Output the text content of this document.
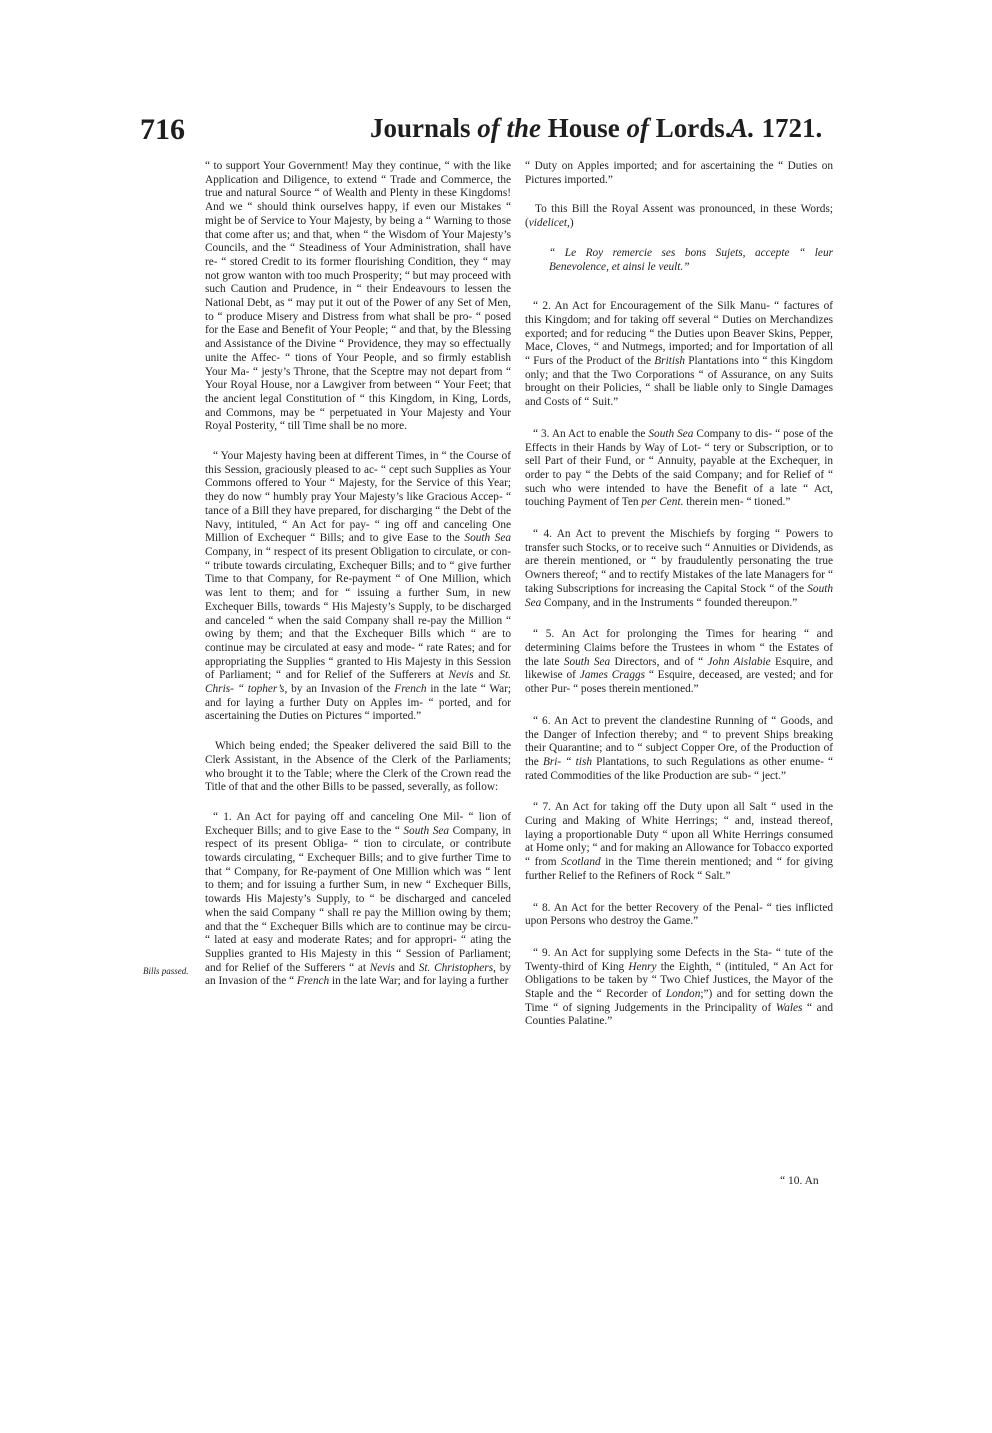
716	Journals of the House of Lords.
A. 1721.

“ to support Your Government! May they continue, “ with the like Application and Diligence, to extend “ Trade and Commerce, the true and natural Source “ of Wealth and Plenty in these Kingdoms! And we “ should think ourselves happy, if even our Mistakes “ might be of Service to Your Majesty, by being a “ Warning to those that come after us; and that, when “ the Wisdom of Your Majesty’s Councils, and the “ Steadiness of Your Administration, shall have re- “ stored Credit to its former flourishing Condition, they “ may not grow wanton with too much Prosperity; “ but may proceed with such Caution and Prudence, in “ their Endeavours to lessen the National Debt, as “ may put it out of the Power of any Set of Men, to “ produce Misery and Distress from what shall be pro- “ posed for the Ease and Benefit of Your People; “ and that, by the Blessing and Assistance of the Divine “ Providence, they may so effectually unite the Affec- “ tions of Your People, and so firmly establish Your Ma- “ jesty’s Throne, that the Sceptre may not depart from “ Your Royal House, nor a Lawgiver from between “ Your Feet; that the ancient legal Constitution of “ this Kingdom, in King, Lords, and Commons, may be “ perpetuated in Your Majesty and Your Royal Posterity, “ till Time shall be no more.

“ Your Majesty having been at different Times, in “ the Course of this Session, graciously pleased to ac- “ cept such Supplies as Your Commons offered to Your “ Majesty, for the Service of this Year; they do now “ humbly pray Your Majesty’s like Gracious Accep- “ tance of a Bill they have prepared, for discharging “ the Debt of the Navy, intituled, “ An Act for pay- “ ing off and canceling One Million of Exchequer “ Bills; and to give Ease to the South Sea Company, in “ respect of its present Obligation to circulate, or con- “ tribute towards circulating, Exchequer Bills; and to “ give further Time to that Company, for Re-payment “ of One Million, which was lent to them; and for “ issuing a further Sum, in new Exchequer Bills, towards “ His Majesty’s Supply, to be discharged and canceled “ when the said Company shall re-pay the Million “ owing by them; and that the Exchequer Bills which “ are to continue may be circulated at easy and mode- “ rate Rates; and for appropriating the Supplies “ granted to His Majesty in this Session of Parliament; “ and for Relief of the Sufferers at Nevis and St. Chris- “ topher’s, by an Invasion of the French in the late “ War; and for laying a further Duty on Apples im- “ ported, and for ascertaining the Duties on Pictures “ imported.”

Which being ended; the Speaker delivered the said Bill to the Clerk Assistant, in the Absence of the Clerk of the Parliaments; who brought it to the Table; where the Clerk of the Crown read the Title of that and the other Bills to be passed, severally, as follow:

“ 1. An Act for paying off and canceling One Mil- “ lion of Exchequer Bills; and to give Ease to the “ South Sea Company, in respect of its present Obliga- “ tion to circulate, or contribute towards circulating, “ Exchequer Bills; and to give further Time to that “ Company, for Re-payment of One Million which was “ lent to them; and for issuing a further Sum, in new “ Exchequer Bills, towards His Majesty’s Supply, to “ be discharged and canceled when the said Company “ shall re pay the Million owing by them; and that the “ Exchequer Bills which are to continue may be circu- “ lated at easy and moderate Rates; and for appropri- “ ating the Supplies granted to His Majesty in this “ Session of Parliament; and for Relief of the Sufferers “ at Nevis and St. Christophers, by an Invasion of the “ French in the late War; and for laying a further

Bills passed.

“ Duty on Apples imported; and for ascertaining the “ Duties on Pictures imported.”

To this Bill the Royal Assent was pronounced, in these Words; (videlicet,)

“ Le Roy remercie ses bons Sujets, accepte “ leur Benevolence, et ainsi le veult.”

“ 2. An Act for Encouragement of the Silk Manu- “ factures of this Kingdom; and for taking off several “ Duties on Merchandizes exported; and for reducing “ the Duties upon Beaver Skins, Pepper, Mace, Cloves, “ and Nutmegs, imported; and for Importation of all “ Furs of the Product of the British Plantations into “ this Kingdom only; and that the Two Corporations “ of Assurance, on any Suits brought on their Policies, “ shall be liable only to Single Damages and Costs of “ Suit.”

“ 3. An Act to enable the South Sea Company to dis- “ pose of the Effects in their Hands by Way of Lot- “ tery or Subscription, or to sell Part of their Fund, or “ Annuity, payable at the Exchequer, in order to pay “ the Debts of the said Company; and for Relief of “ such who were intended to have the Benefit of a late “ Act, touching Payment of Ten per Cent. therein men- “ tioned.”

“ 4. An Act to prevent the Mischiefs by forging “ Powers to transfer such Stocks, or to receive such “ Annuities or Dividends, as are therein mentioned, or “ by fraudulently personating the true Owners thereof; “ and to rectify Mistakes of the late Managers for “ taking Subscriptions for increasing the Capital Stock “ of the South Sea Company, and in the Instruments “ founded thereupon.”

“ 5. An Act for prolonging the Times for hearing “ and determining Claims before the Trustees in whom “ the Estates of the late South Sea Directors, and of “ John Aislabie Esquire, and likewise of James Craggs “ Esquire, deceased, are vested; and for other Pur- “ poses therein mentioned.”

“ 6. An Act to prevent the clandestine Running of “ Goods, and the Danger of Infection thereby; and “ to prevent Ships breaking their Quarantine; and to “ subject Copper Ore, of the Production of the Bri- “ tish Plantations, to such Regulations as other enume- “ rated Commodities of the like Production are sub- “ ject.”

“ 7. An Act for taking off the Duty upon all Salt “ used in the Curing and Making of White Herrings; “ and, instead thereof, laying a proportionable Duty “ upon all White Herrings consumed at Home only; “ and for making an Allowance for Tobacco exported “ from Scotland in the Time therein mentioned; and “ for giving further Relief to the Refiners of Rock “ Salt.”

“ 8. An Act for the better Recovery of the Penal- “ ties inflicted upon Persons who destroy the Game.”

“ 9. An Act for supplying some Defects in the Sta- “ tute of the Twenty-third of King Henry the Eighth, “ (intituled, “ An Act for Obligations to be taken by “ Two Chief Justices, the Mayor of the Staple and the “ Recorder of London;”) and for setting down the Time “ of signing Judgements in the Principality of Wales “ and Counties Palatine.”

“ 10. An
